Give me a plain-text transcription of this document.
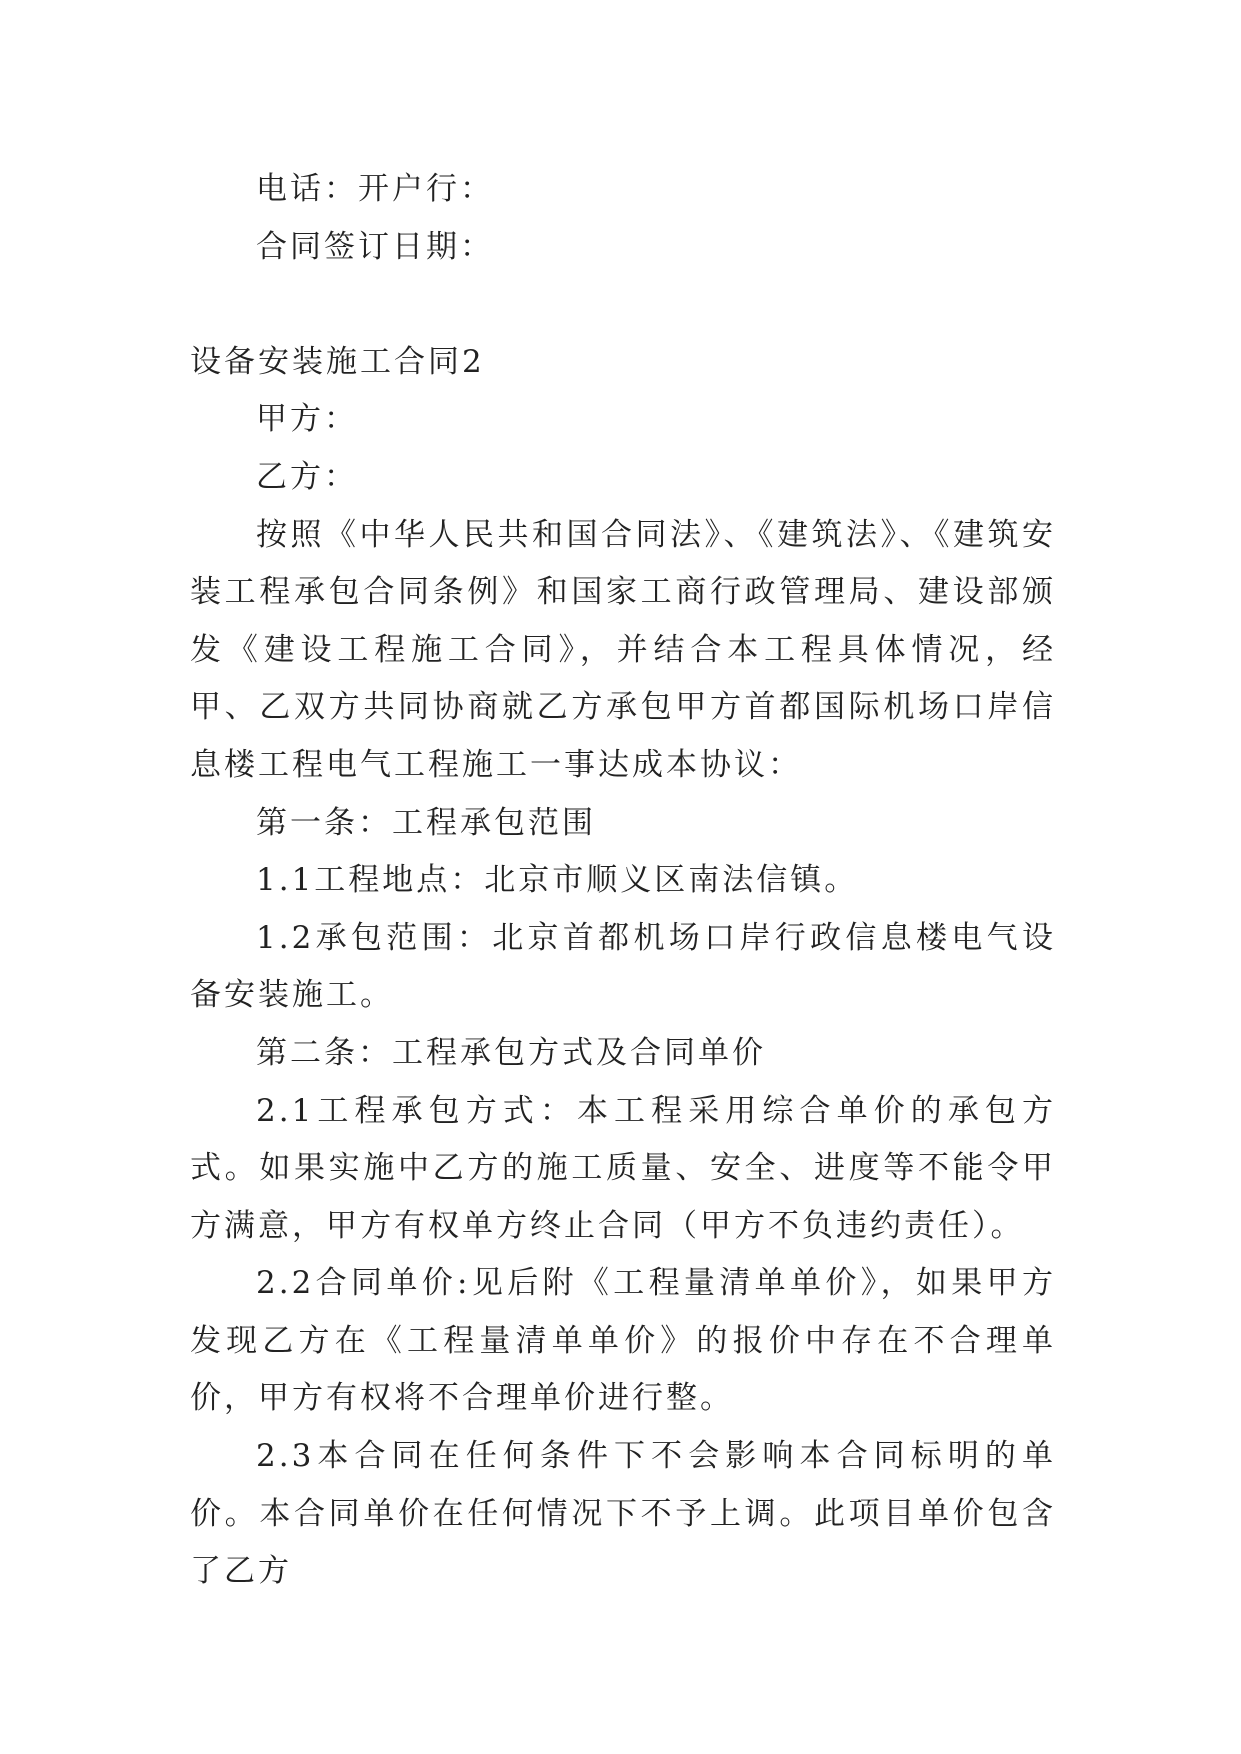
电话：开户行：

合同签订日期：

设备安装施工合同2

甲方：

乙方：

按照《中华人民共和国合同法》、《建筑法》、《建筑安装工程承包合同条例》和国家工商行政管理局、建设部颁发《建设工程施工合同》，并结合本工程具体情况，经甲、乙双方共同协商就乙方承包甲方首都国际机场口岸信息楼工程电气工程施工一事达成本协议：

第一条：工程承包范围

1.1工程地点：北京市顺义区南法信镇。

1.2承包范围：北京首都机场口岸行政信息楼电气设备安装施工。

第二条：工程承包方式及合同单价

2.1工程承包方式：本工程采用综合单价的承包方式。如果实施中乙方的施工质量、安全、进度等不能令甲方满意，甲方有权单方终止合同（甲方不负违约责任）。

2.2合同单价:见后附《工程量清单单价》，如果甲方发现乙方在《工程量清单单价》的报价中存在不合理单价，甲方有权将不合理单价进行整。

2.3本合同在任何条件下不会影响本合同标明的单价。本合同单价在任何情况下不予上调。此项目单价包含了乙方
